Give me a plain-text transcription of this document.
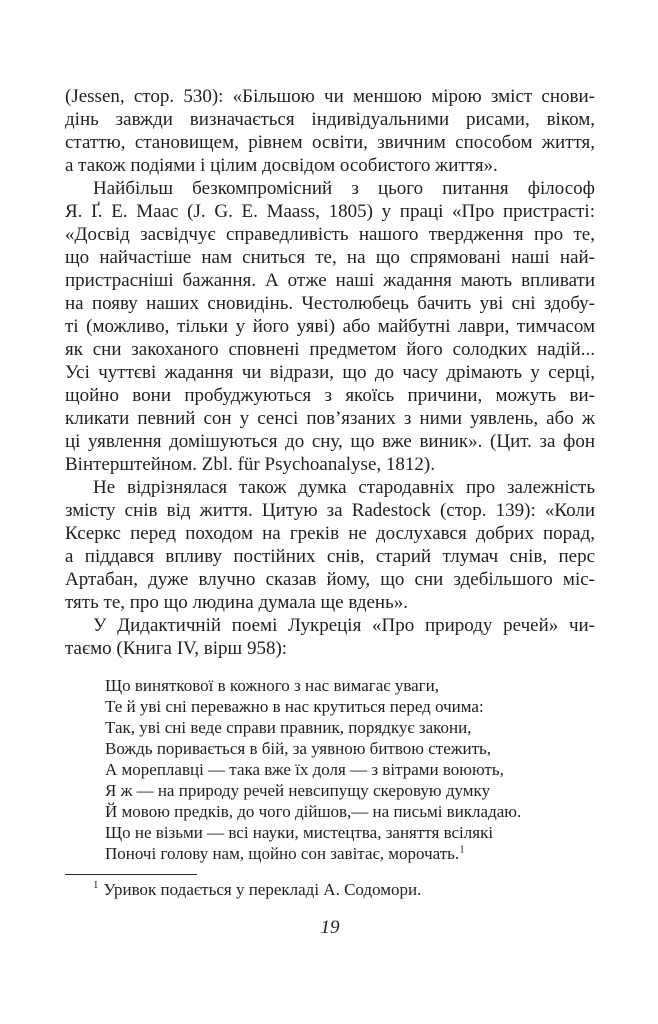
(Jessen, стор. 530): «Більшою чи меншою мірою зміст снови-
дінь завжди визначається індивідуальними рисами, віком,
статтю, становищем, рівнем освіти, звичним способом життя,
а також подіями і цілим досвідом особистого життя».
Найбільш безкомпромісний з цього питання філософ
Я. Ґ. Е. Маас (J. G. E. Maass, 1805) у праці «Про пристрасті:
«Досвід засвідчує справедливість нашого твердження про те,
що найчастіше нам сниться те, на що спрямовані наші най-
пристрасніші бажання. А отже наші жадання мають впливати
на появу наших сновидінь. Честолюбець бачить уві сні здобу-
ті (можливо, тільки у його уяві) або майбутні лаври, тимчасом
як сни закоханого сповнені предметом його солодких надій...
Усі чуттєві жадання чи відрази, що до часу дрімають у серці,
щойно вони пробуджуються з якоїсь причини, можуть ви-
кликати певний сон у сенсі пов’язаних з ними уявлень, або ж
ці уявлення домішуються до сну, що вже виник». (Цит. за фон
Вінтерштейном. Zbl. für Psychoanalyse, 1812).
Не відрізнялася також думка стародавніх про залежність
змісту снів від життя. Цитую за Radestock (стор. 139): «Коли
Ксеркс перед походом на греків не дослухався добрих порад,
а піддався впливу постійних снів, старий тлумач снів, перс
Артабан, дуже влучно сказав йому, що сни здебільшого міс-
тять те, про що людина думала ще вдень».
У Дидактичній поемі Лукреція «Про природу речей» чи-
таємо (Книга IV, вірш 958):
Що виняткової в кожного з нас вимагає уваги,
Те й уві сні переважно в нас крутиться перед очима:
Так, уві сні веде справи правник, порядкує закони,
Вождь поривається в бій, за уявною битвою стежить,
А мореплавці — така вже їх доля — з вітрами воюють,
Я ж — на природу речей невсипущу скеровую думку
Й мовою предків, до чого дійшов,— на письмі викладаю.
Що не візьми — всі науки, мистецтва, заняття всілякі
Поночі голову нам, щойно сон завітає, морочать.$^1$
$^1$ Уривок подається у перекладі А. Содомори.
19
